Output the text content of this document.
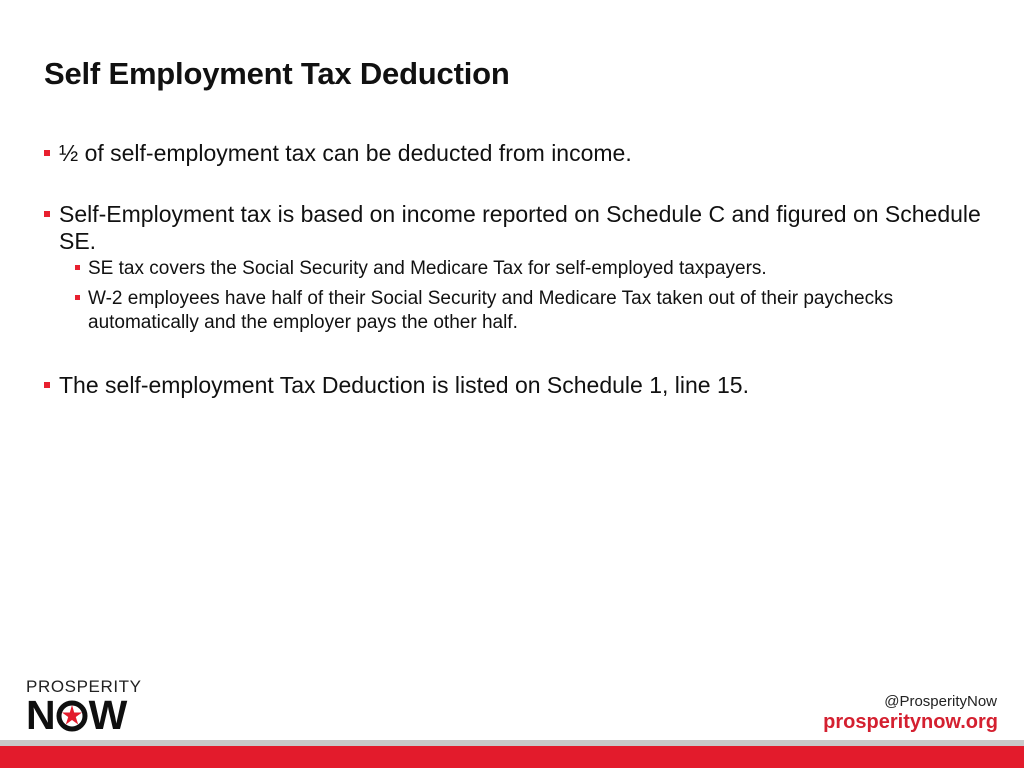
Self Employment Tax Deduction
½ of self-employment tax can be deducted from income.
Self-Employment tax is based on income reported on Schedule C and figured on Schedule SE.
SE tax covers the Social Security and Medicare Tax for self-employed taxpayers.
W-2 employees have half of their Social Security and Medicare Tax taken out of their paychecks automatically and the employer pays the other half.
The self-employment Tax Deduction is listed on Schedule 1, line 15.
PROSPERITY
N W	@ProsperityNow
prosperitynow.org
